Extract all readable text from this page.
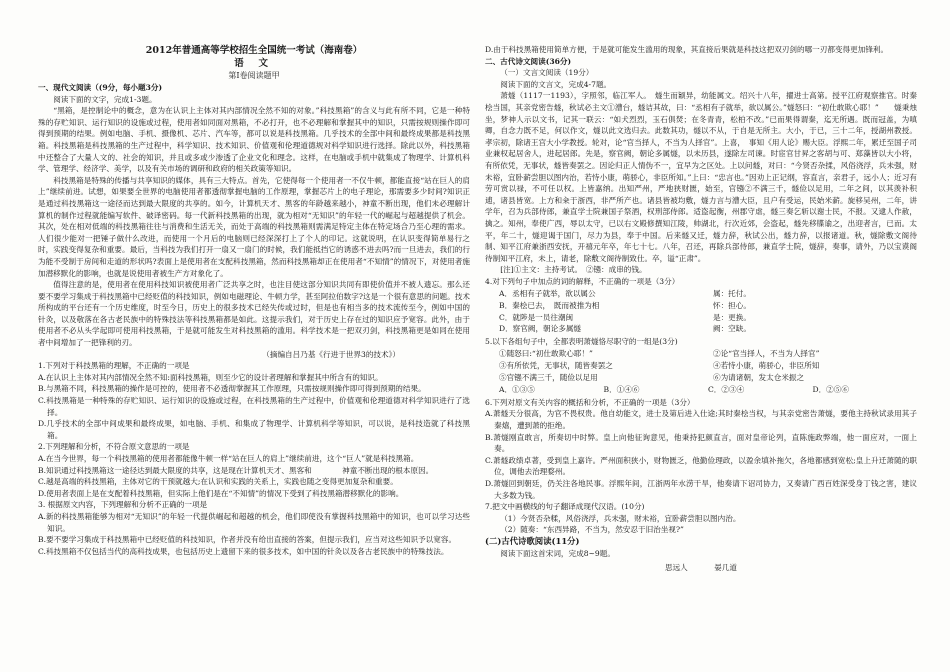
2012年普通高等学校招生全国统一考试（海南卷）
语 文
第Ⅰ卷阅读题甲

一、现代文阅读（(9分，每小题3分)

阅读下面的文字，完成1-3题。

“黑箱，是控制论中的概念，意为在认识上主体对其内部情况全然不知的对象。”科技黑箱”的含义与此有所不同，它是一种特殊的存贮知识、运行知识的设施或过程，使用者如同面对黑箱，不必打开，也不必理解和掌握其中的知识，只需按规则操作即可得到预期的结果。例如电脑、手机、摄像机、芯片、汽车等，都可以说是科技黑箱。几乎技术的全部中间和最终成果都是科技黑箱。科技黑箱是科技黑箱的生产过程中，科学知识、技术知识、价值观和伦理道德规对科学知识进行选择。除此以外，科技黑箱中还整合了大量人文的、社会的知识，并且或多或少渗透了企业文化和理念。这样，在电脑或手机中就集成了物理学、计算机科学、管理学、经济学、美学，以及有关市场的调研和政府的相关政策等知识。

科技黑箱是特殊的传播与共享知识的媒体，具有三大特点。首先，它使得每一个使用者一不仅牛顿，都能直接“站在巨人的肩上”继续前进。试想，如果要全世界的电脑使用者都透彻掌握电脑的工作原理，掌握芯片上的电子理论，那需要多少时间?知识正是通过科技黑箱这一途径而达到最大限度的共享的。如今，计算机天才、黑客的年龄越来越小，神童不断出现，他们未必理解计算机的制作过程就能编写软件、破译密码。每一代新科技黑箱的出现，就为相对“无知识”的年轻一代的崛起与超越提供了机会。其次，处在相对低端的科技黑箱往往与消费和生活无关，而处于高端的科技黑箱则需满足特定主体在特定场合乃至心理的需求。人们很少能对一把锤子做什么改进，而使用一个月后的电脑则已经深深打上了个人的印记。这就说明，在认识变得简单易行之时，实践变得复杂和重要。最后，当科技为我们打开一扇又一扇门的时候，我们能抵挡它的诱惑不进去吗?而一旦进去，我们的行为能不受制于房间和走道的形状吗?表面上是使用者在支配科技黑箱，然而科技黑箱却正在使用者“不知情”的情况下，对使用者施加潜移默化的影响，也就是说使用者被生产方对象化了。

值得注意的是，使用者在使用科技知识被使用者广泛共享之时，也注目使这部分知识共同有即使价值并不被人遗忘。那么还要不要学习集成于科技黑箱中已经贬值的科技知识，例如电磁理论、牛顿力学，甚至阿拉伯数字?这是一个很有意思的问题。技术所构成的平台还有一个历史维度，时至今日，历史上的很多技术已经失传或过时，但是也有相当多的技术流传至今，例如中国的针灸，以及敬落在各古老民族中的特殊技法等科技黑箱都是如此。这提示我们，对于历史上存在过的知识应予宽容。此外，由于使用者不必从头学起即可使用科技黑箱，于是就可能发生对科技黑箱的滥用。科学技术是一把双刃剑，科技黑箱更是如同在使用者中间增加了一把锋利的刃。

（摘编自吕乃基《行进于世界3的技术》）

1.下列对于科技黑箱的理解，不正确的一项是

A.在认识上主体对其内部情况全然不知:面科技黑箱，则至少它的设计者理解和掌握其中所含有的知识。

B.与黑箱不同，科技黑箱的操作是可控的，使用者不必透彻掌握其工作原理，只需按规则操作即可得到预期的结果。

C.科技黑箱是一种特殊的存贮知识、运行知识的设施或过程，在科技黑箱的生产过程中，价值观和伦理道德对科学知识进行了选择。

D.几乎技术的全部中间成果和最终成果，如电脑、手机、和集成了物理学、计算机科学等知识，可以说，是科技造就了科技黑箱。

2.下列理解和分析，不符合原文意思的一项是

A.在当今世界，每一个科技黑箱的使用者都能像牛顿一样“站在巨人的肩上”继续前进，这个“巨人”就是科技黑箱。

B.知识通过科技黑箱这一途径达到最大限度的共享，这是现在计算机天才、黑客和　　　　神童不断出现的根本原因。

C.越是高端的科技黑箱，主体对它的干预就越大;在认识和实践的关系上，实践也随之变得更加复杂和重要。

D.使用者表面上是在支配着科技黑箱，但实际上他们是在“不知情”的情况下受到了科技黑箱潜移默化的影响。

3. 根据原文内容，下列理解和分析不正确的一项是

A.新的科技黑箱能够为相对“无知识”的年轻一代提供崛起和超越的机会，他们即使没有掌握科技黑箱中的知识，也可以学习达些知识。

B.要不要学习集成于科技黑箱中已经贬值的科技知识，作者并没有给出直接的答案，但提示我们，应当对这些知识予以宽容。

C.科技黑箱不仅包括当代的高科技成果，也包括历史上遗留下来的很多技术，如中国的针灸以及各古老民族中的特殊技法。

D.由于科技黑箱使用简单方便，于是就可能发生滥用的现象，其直接后果就是科技这把双刃剑的哪一刃都变得更加锋利。

二、古代诗文阅读(36分)

（一）文言文阅读（19分）

阅读下面的文言文，完成4-7题。

萧燧（1117一1193），字照邻，临江军人。　燧生而颖异，幼能属文。绍兴十八年，擢进士高第。授平江府观察推官。时秦桧当国，其亲党密告燧，秋试必主文①漕台，燧诘其故，曰：“丞相有子就举，欲以属公。”燧怒曰：“初仕敢欺心耶！”　　燧秉烛坐，梦神人示以文书，记其一联云：“如犬烈烈，玉石俱焚；在冬青青，松柏不改。”已而果得谓秦，迄无所遇。既而冠盖，为嗔卿，自念力既不足，何以作文，燧以此文选归去。此数其功，燧以不从，于自是无所主。大小，于已，三十二年，授湖州教授。孝宗初，除诸王宫大小学教授。轮对，论“官当择人，不当为人择官”。上喜，　事知《用人论》赐大臣。浮熙二年，累迁至国子司业兼权起居舍人，进起居郎。先是，察官阙，朝论多属燧，以未历县，遂除左司谏。时宦官甘昇之客胡与可、郑藻皆以大小将，有所依凭，无事状，燧皆奏罢之。因论归正人情伪不一，宜早为之区处。上以问燧，对曰：“今贤否杂揉，风俗浇浮，兵未强，财未裕，宜卧薪尝胆以图内治，若恃小康，萌骄心，非臣所知。”上曰：“忠言也。”因劝上正记纲，容直言，亲君子，远小人；近习有劳可赏以禄，不可任以权。上皆嘉纳。出知严州，严地狭财匮，始至，官镪②不满三千，燧俭以足用，二年之间，以其羡补积逋，诸县皆宽。上方和籴于浙西，非严所产也。诸县皆被均敷，燧力言与漕大臣，且户有受运，民始米薪。旋移吴州，二年，讲学年，召为兵部侍郎，兼直学士院兼国子祭酒，权刑部侍郎。适盗起衡，州郡守虐，燧三奏乞斩以谢士民，不报。又逮人作赦，擒之。知州，奉使广西，辱以太守，已以右文殿修撰知江陵，帅湖北，行次近郊，会盗起，燧先移牒谕之，出迎者言，已而。太平，年二十，燧迎谒于国门，尽力为县，奉于中国。后来燧又迁，燧力辞，秋试公出，燧力辞，以报诸道。秋，燧除敷文阁待制、知平江府兼浙西安抚，开禧元年卒，年七十七。八年，召还，再除兵部侍郎，兼直学士院，燧辞，奏事，请外，乃以宝谟阁待制知平江府，未上，请老，除敷文阁待制致仕。卒，谥“正肃”。

[注]①主文：主持考试。　②镪：成串的钱。

4.对下列句子中加点的词的解释，不正确的一项是（3分）

A．丞相有子就举，欲以属公	属：托付。
B．秦桧已去，　既而被推为相	怀：担心。
C．就陟是一员往潮闽	是：更换。
D．察官阙，朝论多属燧	阙：空缺。

5.以下各组句子中，全都表明萧燧恪尽职守的一组是(3分)

①随怒曰:“初仕敢欺心耶！”	②论“官当择人，不当为人择官”
③有所依凭，无事状，随皆奏罢之	④若恃小康，萌骄心，非臣所知
⑤官镪不满三千，随俭以足用	⑥为请诸朝，发太仓米振之
A．①③⑤	B．①④⑥	C．②③④	D．②⑤⑥

6.下列对原文有关内容的概括和分析，不正确的一项是（3分）

A.萧燧天分很高，为官不畏权贵。他自幼能文，进士及第后进入仕途;其时秦桧当权，与其亲党密告萧燧，要他主持秋试录用其子秦熺，遭到萧的拒绝。

B.萧燧刚直敢言，所奏切中时弊。皇上向他征询意见，他秉持犯颜直言，面对皇帝论列，直陈施政弊端，他一面应对，一面上奏。

C.萧燧政绩卓著，受到皇上嘉许。严州面积狭小，财物匮乏，他勤俭理政，以盈余填补拖欠，各地都感到宽松;皇上升迁萧随的职位，调他去治理婺州。

D.萧燧回到朝廷，仍关注各地民事。浮熙年间，江浙两年水涝干旱，他奏请下诏司协力，又奏请广西百姓深受身丁钱之害，建议大多数为钱。

7.把文中画横线的句子翻译成现代汉语。(10分)

（1）今贤否杂糅，风俗浇浮，兵未强，财未裕，宜卧薪尝胆以图内治。

（2）随奏：“东西异路，不当为，然安忍于旧治坐视?”

(二)古代诗歌阅读(11分)

阅读下面这首宋词，完成8~9题。

思远人	晏几道
